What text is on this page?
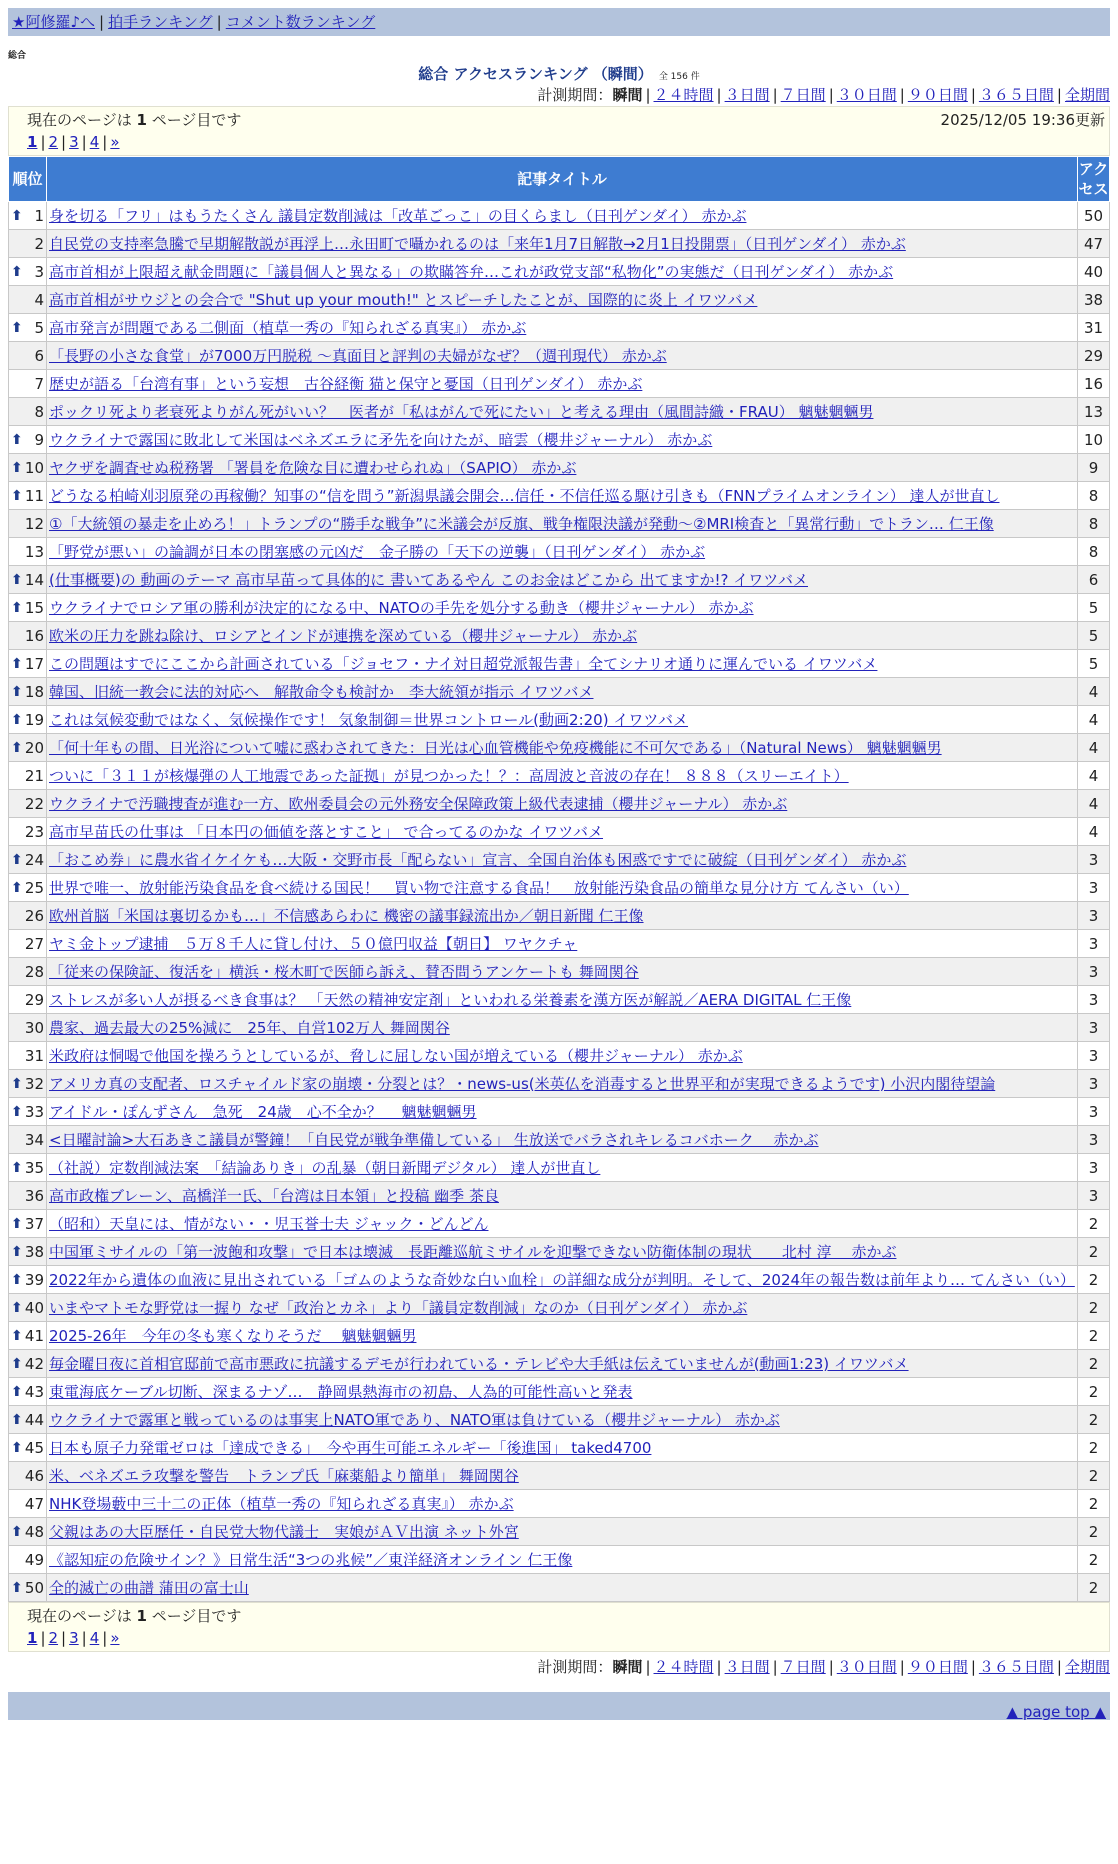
★阿修羅♪へ | 拍手ランキング | コメント数ランキング
総合
総合 アクセスランキング （瞬間） 全 156 件
計測期間：瞬間 | ２４時間 | ３日間 | ７日間 | ３０日間 | ９０日間 | ３６５日間 | 全期間
現在のページは 1 ページ目です	2025/12/05 19:36更新
1 | 2 | 3 | 4 | »
順位	記事タイトル	アクセス

⬆ 1	身を切る「フリ」はもうたくさん 議員定数削減は「改革ごっこ」の目くらまし（日刊ゲンダイ） 赤かぶ	50
2	自民党の支持率急騰で早期解散説が再浮上…永田町で囁かれるのは「来年1月7日解散→2月1日投開票」（日刊ゲンダイ） 赤かぶ	47

⬆ 3	高市首相が上限超え献金問題に「議員個人と異なる」の欺瞞答弁…これが政党支部“私物化”の実態だ（日刊ゲンダイ） 赤かぶ	40
4	高市首相がサウジとの会合で "Shut up your mouth!" とスピーチしたことが、国際的に炎上 イワツバメ	38

⬆ 5	高市発言が問題である二側面（植草一秀の『知られざる真実』） 赤かぶ	31
6	「長野の小さな食堂」が7000万円脱税 〜真面目と評判の夫婦がなぜ？（週刊現代） 赤かぶ	29
7	歴史が語る「台湾有事」という妄想　古谷経衡 猫と保守と憂国（日刊ゲンダイ） 赤かぶ	16
8	ポックリ死より老衰死よりがん死がいい？　医者が「私はがんで死にたい」と考える理由（風間詩織・FRAU） 魑魅魍魎男	13

⬆ 9	ウクライナで露国に敗北して米国はベネズエラに矛先を向けたが、暗雲（櫻井ジャーナル） 赤かぶ	10

⬆ 10	ヤクザを調査せぬ税務署 「署員を危険な目に遭わせられぬ」（SAPIO） 赤かぶ	9

⬆ 11	どうなる柏崎刈羽原発の再稼働？知事の“信を問う”新潟県議会開会…信任・不信任巡る駆け引きも（FNNプライムオンライン） 達人が世直し	8
12	①「大統領の暴走を止めろ！」トランプの“勝手な戦争”に米議会が反旗、戦争権限決議が発動〜②MRI検査と「異常行動」でトラン… 仁王像	8
13	「野党が悪い」の論調が日本の閉塞感の元凶だ　金子勝の「天下の逆襲」（日刊ゲンダイ） 赤かぶ	8

⬆ 14	(仕事概要)の 動画のテーマ 高市早苗って具体的に 書いてあるやん このお金はどこから 出てますか!? イワツバメ	6

⬆ 15	ウクライナでロシア軍の勝利が決定的になる中、NATOの手先を処分する動き（櫻井ジャーナル） 赤かぶ	5
16	欧米の圧力を跳ね除け、ロシアとインドが連携を深めている（櫻井ジャーナル） 赤かぶ	5

⬆ 17	この問題はすでにここから計画されている「ジョセフ・ナイ対日超党派報告書」全てシナリオ通りに運んでいる イワツバメ	5

⬆ 18	韓国、旧統一教会に法的対応へ　解散命令も検討か　李大統領が指示 イワツバメ	4

⬆ 19	これは気候変動ではなく、気候操作です！ 気象制御＝世界コントロール(動画2:20) イワツバメ	4

⬆ 20	「何十年もの間、日光浴について嘘に惑わされてきた：日光は心血管機能や免疫機能に不可欠である」（Natural News） 魑魅魍魎男	4
21	ついに「３１１が核爆弾の人工地震であった証拠」が見つかった！？：高周波と音波の存在！ ８８８（スリーエイト）	4
22	ウクライナで汚職捜査が進む一方、欧州委員会の元外務安全保障政策上級代表逮捕（櫻井ジャーナル） 赤かぶ	4
23	高市早苗氏の仕事は 「日本円の価値を落とすこと」 で合ってるのかな イワツバメ	4

⬆ 24	「おこめ券」に農水省イケイケも…大阪・交野市長「配らない」宣言、全国自治体も困惑ですでに破綻（日刊ゲンダイ） 赤かぶ	3

⬆ 25	世界で唯一、放射能汚染食品を食べ続ける国民！　買い物で注意する食品！　放射能汚染食品の簡単な見分け方 てんさい（い）	3
26	欧州首脳「米国は裏切るかも…」不信感あらわに 機密の議事録流出か／朝日新聞 仁王像	3
27	ヤミ金トップ逮捕　５万８千人に貸し付け、５０億円収益【朝日】 ワヤクチャ	3
28	「従来の保険証、復活を」横浜・桜木町で医師ら訴え、賛否問うアンケートも 舞岡関谷	3
29	ストレスが多い人が摂るべき食事は？ 「天然の精神安定剤」といわれる栄養素を漢方医が解説／AERA DIGITAL 仁王像	3
30	農家、過去最大の25%減に　25年、自営102万人 舞岡関谷	3
31	米政府は恫喝で他国を操ろうとしているが、脅しに屈しない国が増えている（櫻井ジャーナル） 赤かぶ	3

⬆ 32	アメリカ真の支配者、ロスチャイルド家の崩壊・分裂とは？・news-us(米英仏を消毒すると世界平和が実現できるようです) 小沢内閣待望論	3

⬆ 33	アイドル・ぽんずさん　急死　24歳　心不全か？　 魑魅魍魎男	3
34	<日曜討論>大石あきこ議員が警鐘！「自民党が戦争準備している」 生放送でバラされキレるコバホーク　 赤かぶ	3

⬆ 35	（社説）定数削減法案　「結論ありき」の乱暴（朝日新聞デジタル） 達人が世直し	3
36	高市政権ブレーン、高橋洋一氏、「台湾は日本領」と投稿 幽季 茶良	3

⬆ 37	（昭和）天皇には、情がない・・児玉誉士夫 ジャック・どんどん	2

⬆ 38	中国軍ミサイルの「第一波飽和攻撃」で日本は壊滅　長距離巡航ミサイルを迎撃できない防衛体制の現状　　北村 淳　 赤かぶ	2

⬆ 39	2022年から遺体の血液に見出されている「ゴムのような奇妙な白い血栓」の詳細な成分が判明。そして、2024年の報告数は前年より… てんさい（い）	2

⬆ 40	いまやマトモな野党は一握り なぜ「政治とカネ」より「議員定数削減」なのか（日刊ゲンダイ） 赤かぶ	2

⬆ 41	2025-26年　今年の冬も寒くなりそうだ　 魑魅魍魎男	2

⬆ 42	毎金曜日夜に首相官邸前で高市悪政に抗議するデモが行われている・テレビや大手紙は伝えていませんが(動画1:23) イワツバメ	2

⬆ 43	東電海底ケーブル切断、深まるナゾ…　静岡県熱海市の初島、人為的可能性高いと発表	2

⬆ 44	ウクライナで露軍と戦っているのは事実上NATO軍であり、NATO軍は負けている（櫻井ジャーナル） 赤かぶ	2

⬆ 45	日本も原子力発電ゼロは「達成できる」　今や再生可能エネルギー「後進国」 taked4700	2
46	米、ベネズエラ攻撃を警告　トランプ氏「麻薬船より簡単」 舞岡関谷	2
47	NHK登場藪中三十二の正体（植草一秀の『知られざる真実』） 赤かぶ	2

⬆ 48	父親はあの大臣歴任・自民党大物代議士　実娘がＡＶ出演 ネット外宮	2
49	《認知症の危険サイン？》日常生活“3つの兆候”／東洋経済オンライン 仁王像	2

⬆ 50	全的滅亡の曲譜 蒲田の富士山	2
現在のページは 1 ページ目です
1 | 2 | 3 | 4 | »
計測期間：瞬間 | ２４時間 | ３日間 | ７日間 | ３０日間 | ９０日間 | ３６５日間 | 全期間
▲ page top ▲
